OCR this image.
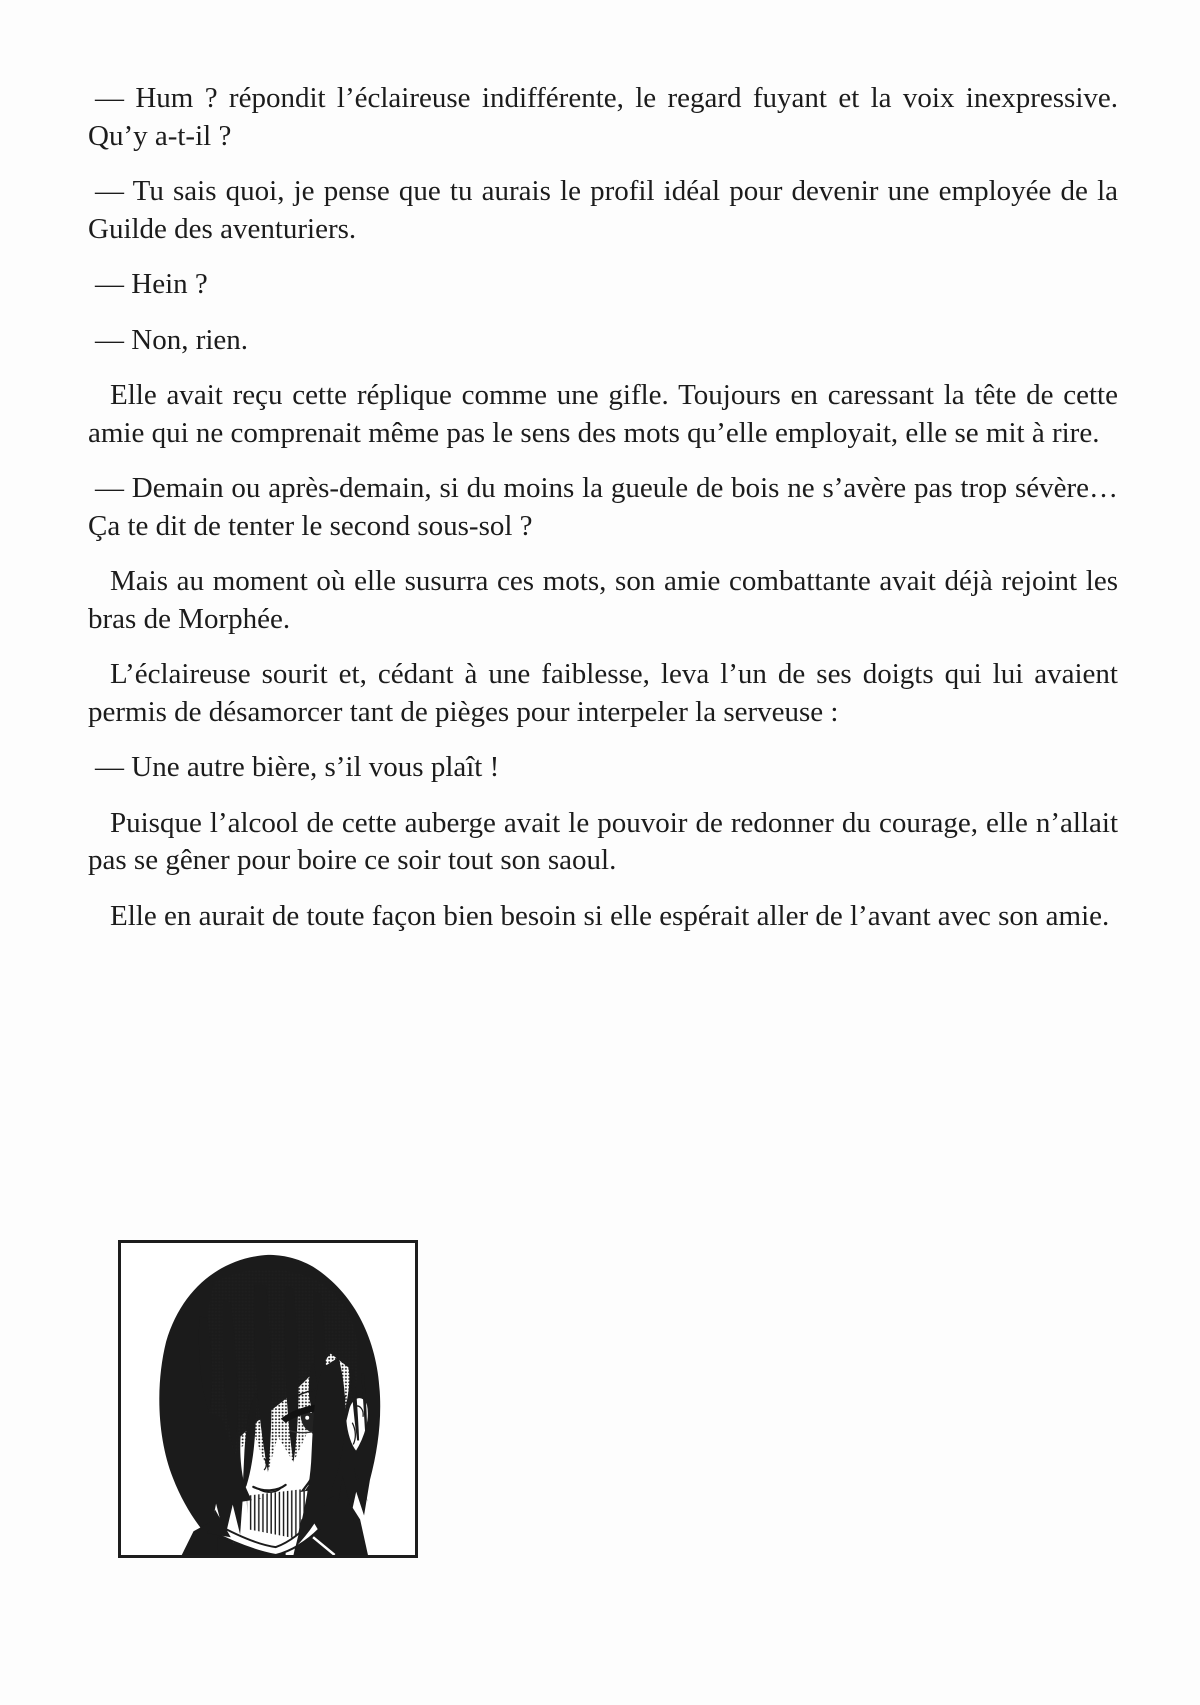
— Hum ? répondit l’éclaireuse indifférente, le regard fuyant et la voix inexpressive. Qu’y a-t-il ?

— Tu sais quoi, je pense que tu aurais le profil idéal pour devenir une employée de la Guilde des aventuriers.

— Hein ?

— Non, rien.

Elle avait reçu cette réplique comme une gifle. Toujours en caressant la tête de cette amie qui ne comprenait même pas le sens des mots qu’elle employait, elle se mit à rire.

— Demain ou après-demain, si du moins la gueule de bois ne s’avère pas trop sévère… Ça te dit de tenter le second sous-sol ?

Mais au moment où elle susurra ces mots, son amie combattante avait déjà rejoint les bras de Morphée.

L’éclaireuse sourit et, cédant à une faiblesse, leva l’un de ses doigts qui lui avaient permis de désamorcer tant de pièges pour interpeler la serveuse :

— Une autre bière, s’il vous plaît !

Puisque l’alcool de cette auberge avait le pouvoir de redonner du courage, elle n’allait pas se gêner pour boire ce soir tout son saoul.

Elle en aurait de toute façon bien besoin si elle espérait aller de l’avant avec son amie.
